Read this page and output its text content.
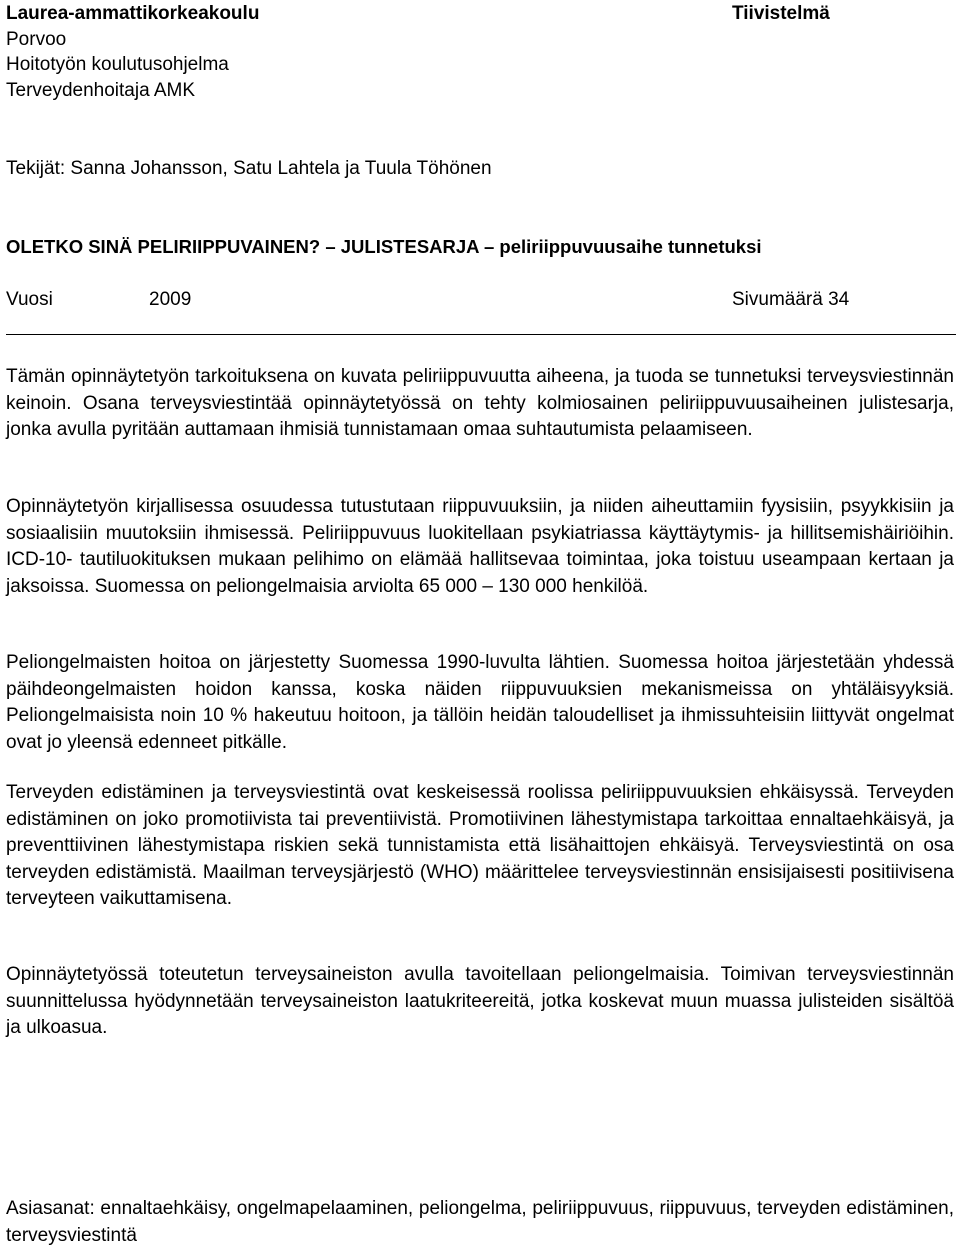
Laurea-ammattikorkeakoulu	Tiivistelmä
Porvoo
Hoitotyön koulutusohjelma
Terveydenhoitaja AMK
Tekijät: Sanna Johansson, Satu Lahtela ja Tuula Töhönen
OLETKO SINÄ PELIRIIPPUVAINEN? – JULISTESARJA – peliriippuvuusaihe tunnetuksi
Vuosi	2009	Sivumäärä 34

Tämän opinnäytetyön tarkoituksena on kuvata peliriippuvuutta aiheena, ja tuoda se tunnetuksi terveysviestinnän keinoin. Osana terveysviestintää opinnäytetyössä on tehty kolmiosainen peliriippuvuusaiheinen julistesarja, jonka avulla pyritään auttamaan ihmisiä tunnistamaan omaa suhtautumista pelaamiseen.

Opinnäytetyön kirjallisessa osuudessa tutustutaan riippuvuuksiin, ja niiden aiheuttamiin fyysisiin, psyykkisiin ja sosiaalisiin muutoksiin ihmisessä. Peliriippuvuus luokitellaan psykiatriassa käyttäytymis- ja hillitsemishäiriöihin. ICD-10- tautiluokituksen mukaan pelihimo on elämää hallitsevaa toimintaa, joka toistuu useampaan kertaan ja jaksoissa. Suomessa on peliongelmaisia arviolta 65 000 – 130 000 henkilöä.

Peliongelmaisten hoitoa on järjestetty Suomessa 1990-luvulta lähtien. Suomessa hoitoa järjestetään yhdessä päihdeongelmaisten hoidon kanssa, koska näiden riippuvuuksien mekanismeissa on yhtäläisyyksiä. Peliongelmaisista noin 10 % hakeutuu hoitoon, ja tällöin heidän taloudelliset ja ihmissuhteisiin liittyvät ongelmat ovat jo yleensä edenneet pitkälle.

Terveyden edistäminen ja terveysviestintä ovat keskeisessä roolissa peliriippuvuuksien ehkäisyssä. Terveyden edistäminen on joko promotiivista tai preventiivistä. Promotiivinen lähestymistapa tarkoittaa ennaltaehkäisyä, ja preventtiivinen lähestymistapa riskien sekä tunnistamista että lisähaittojen ehkäisyä. Terveysviestintä on osa terveyden edistämistä. Maailman terveysjärjestö (WHO) määrittelee terveysviestinnän ensisijaisesti positiivisena terveyteen vaikuttamisena.

Opinnäytetyössä toteutetun terveysaineiston avulla tavoitellaan peliongelmaisia. Toimivan terveysviestinnän suunnittelussa hyödynnetään terveysaineiston laatukriteereitä, jotka koskevat muun muassa julisteiden sisältöä ja ulkoasua.

Asiasanat: ennaltaehkäisy, ongelmapelaaminen, peliongelma, peliriippuvuus, riippuvuus, terveyden edistäminen, terveysviestintä
